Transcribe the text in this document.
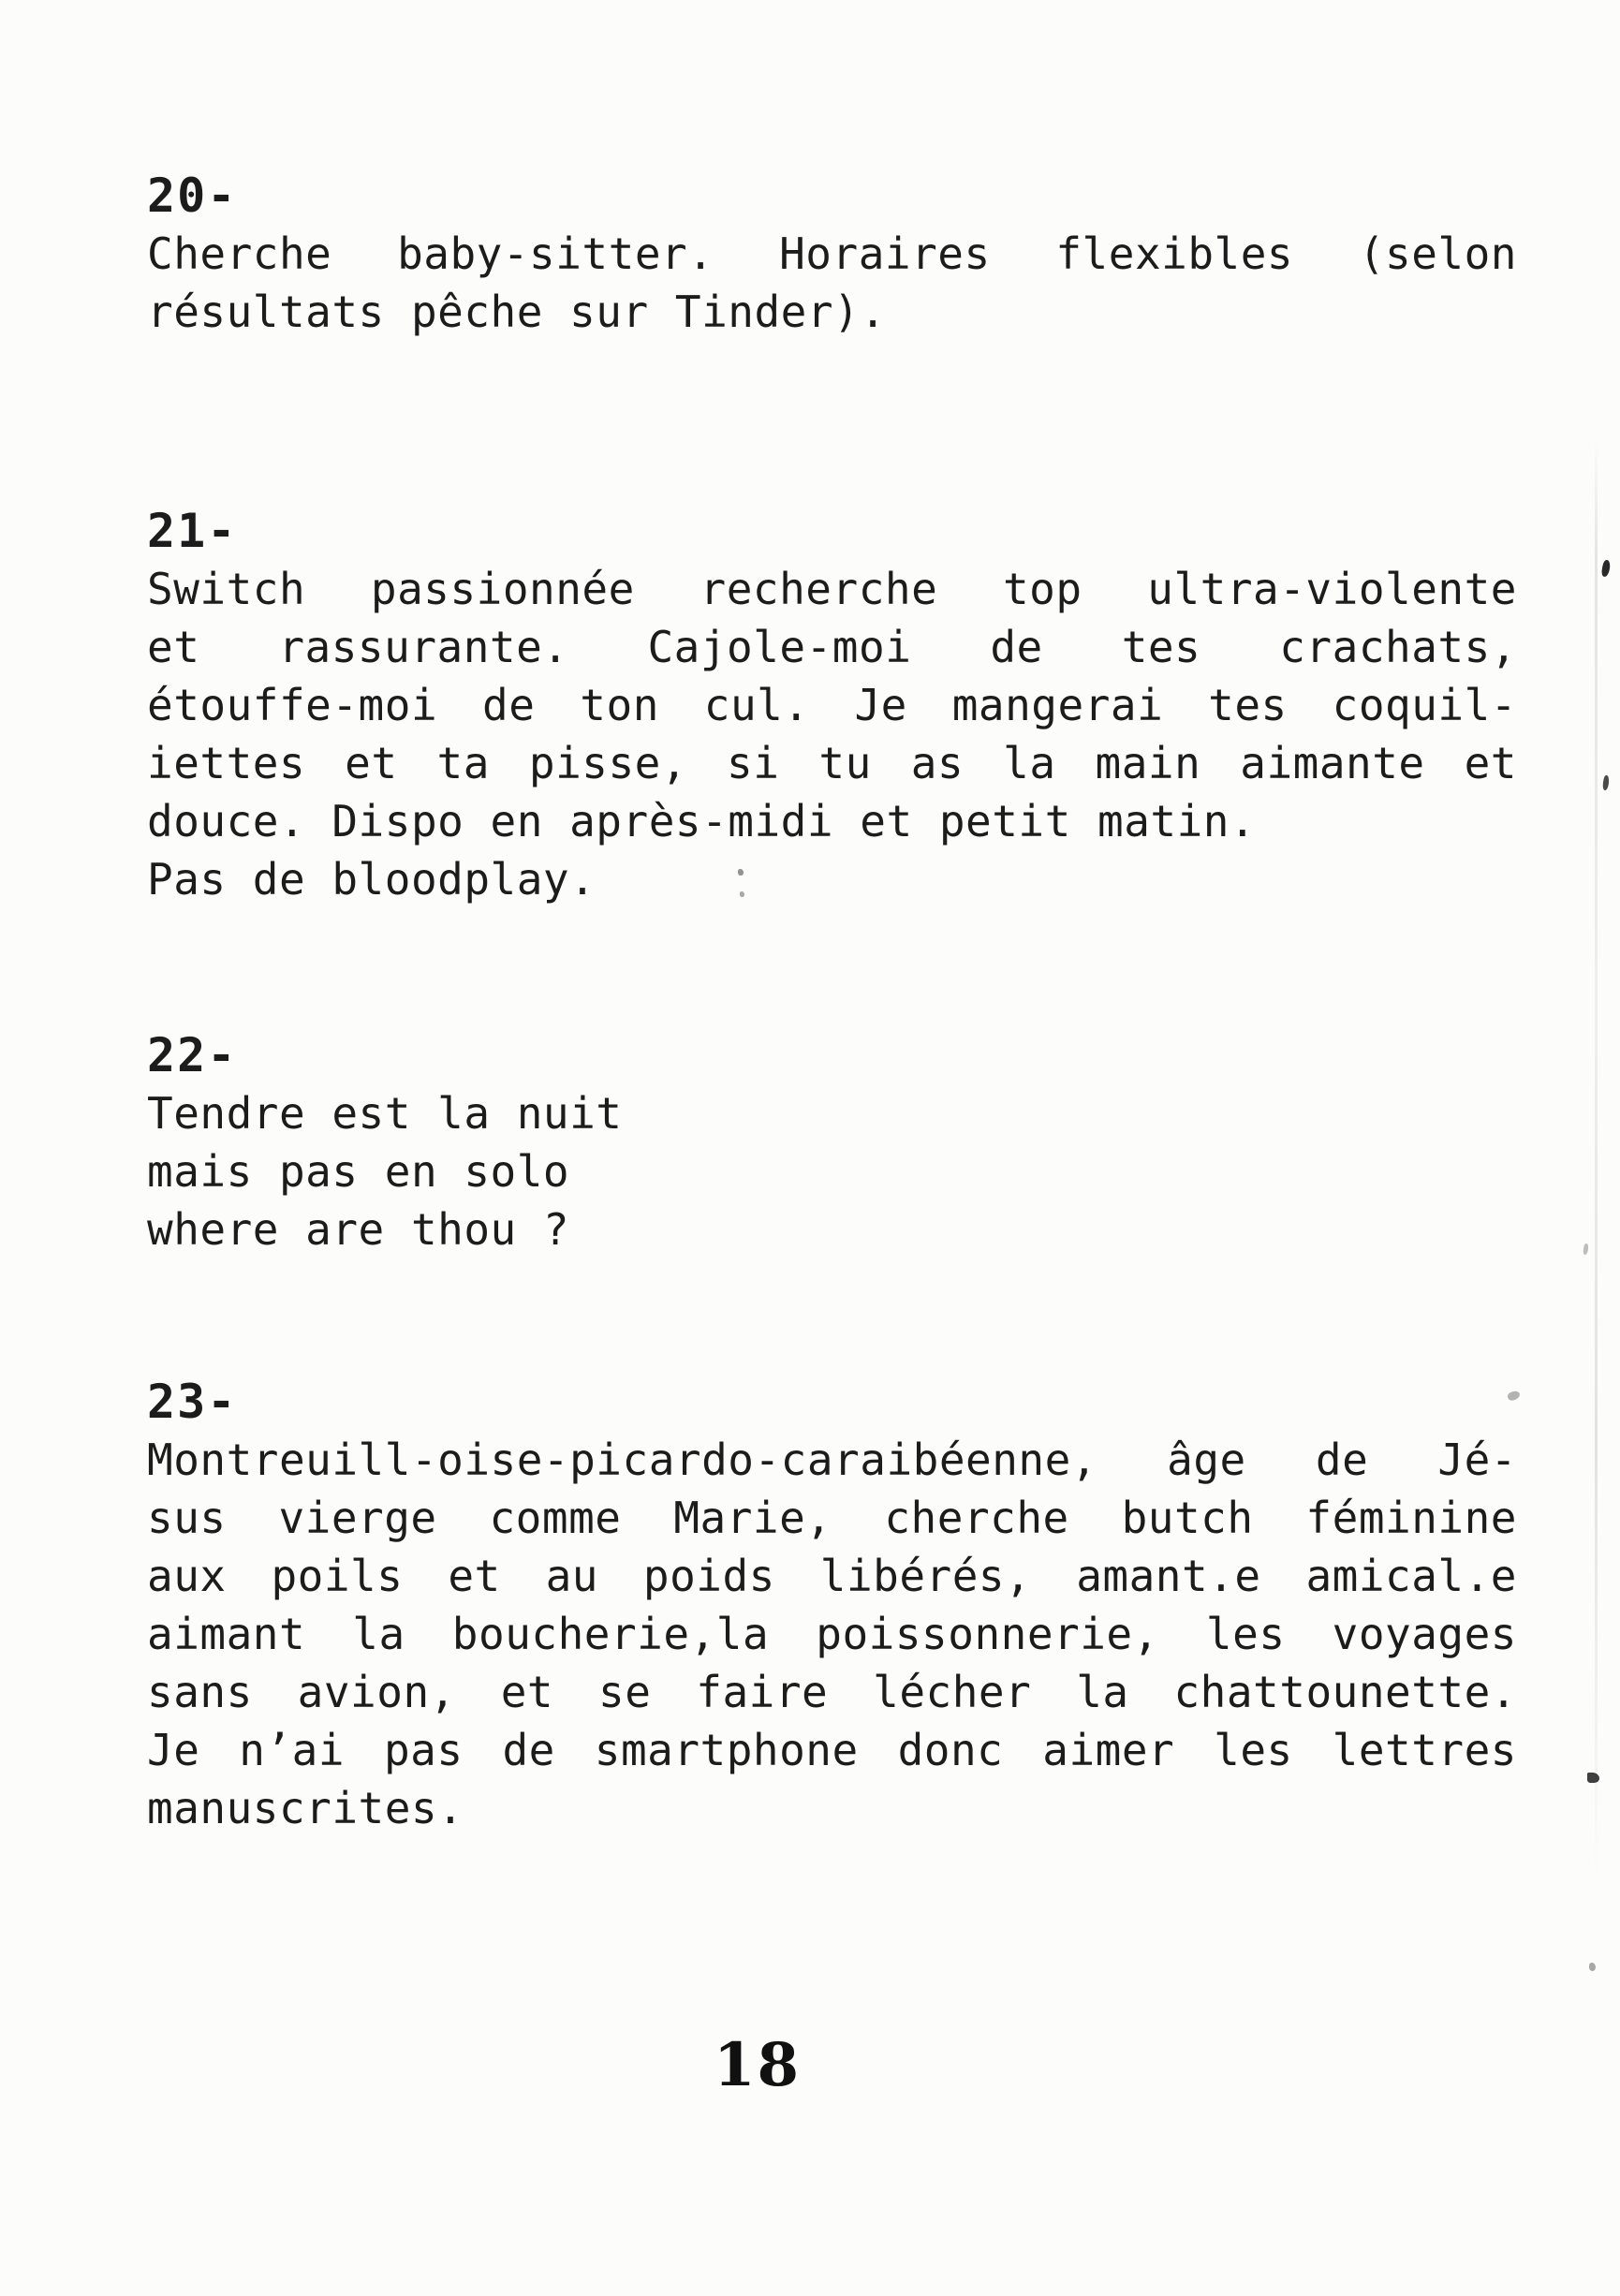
20-
Cherche baby-sitter. Horaires flexibles (selon
résultats pêche sur Tinder).
21-
Switch passionnée recherche top ultra-violente
et rassurante. Cajole-moi de tes crachats,
étouffe-moi de ton cul. Je mangerai tes coquil-
iettes et ta pisse, si tu as la main aimante et
douce. Dispo en après-midi et petit matin.
Pas de bloodplay.
22-
Tendre est la nuit
mais pas en solo
where are thou ?
23-
Montreuill-oise-picardo-caraibéenne, âge de Jé-
sus vierge comme Marie, cherche butch féminine
aux poils et au poids libérés, amant.e amical.e
aimant la boucherie,la poissonnerie, les voyages
sans avion, et se faire lécher la chattounette.
Je n’ai pas de smartphone donc aimer les lettres
manuscrites.
18
